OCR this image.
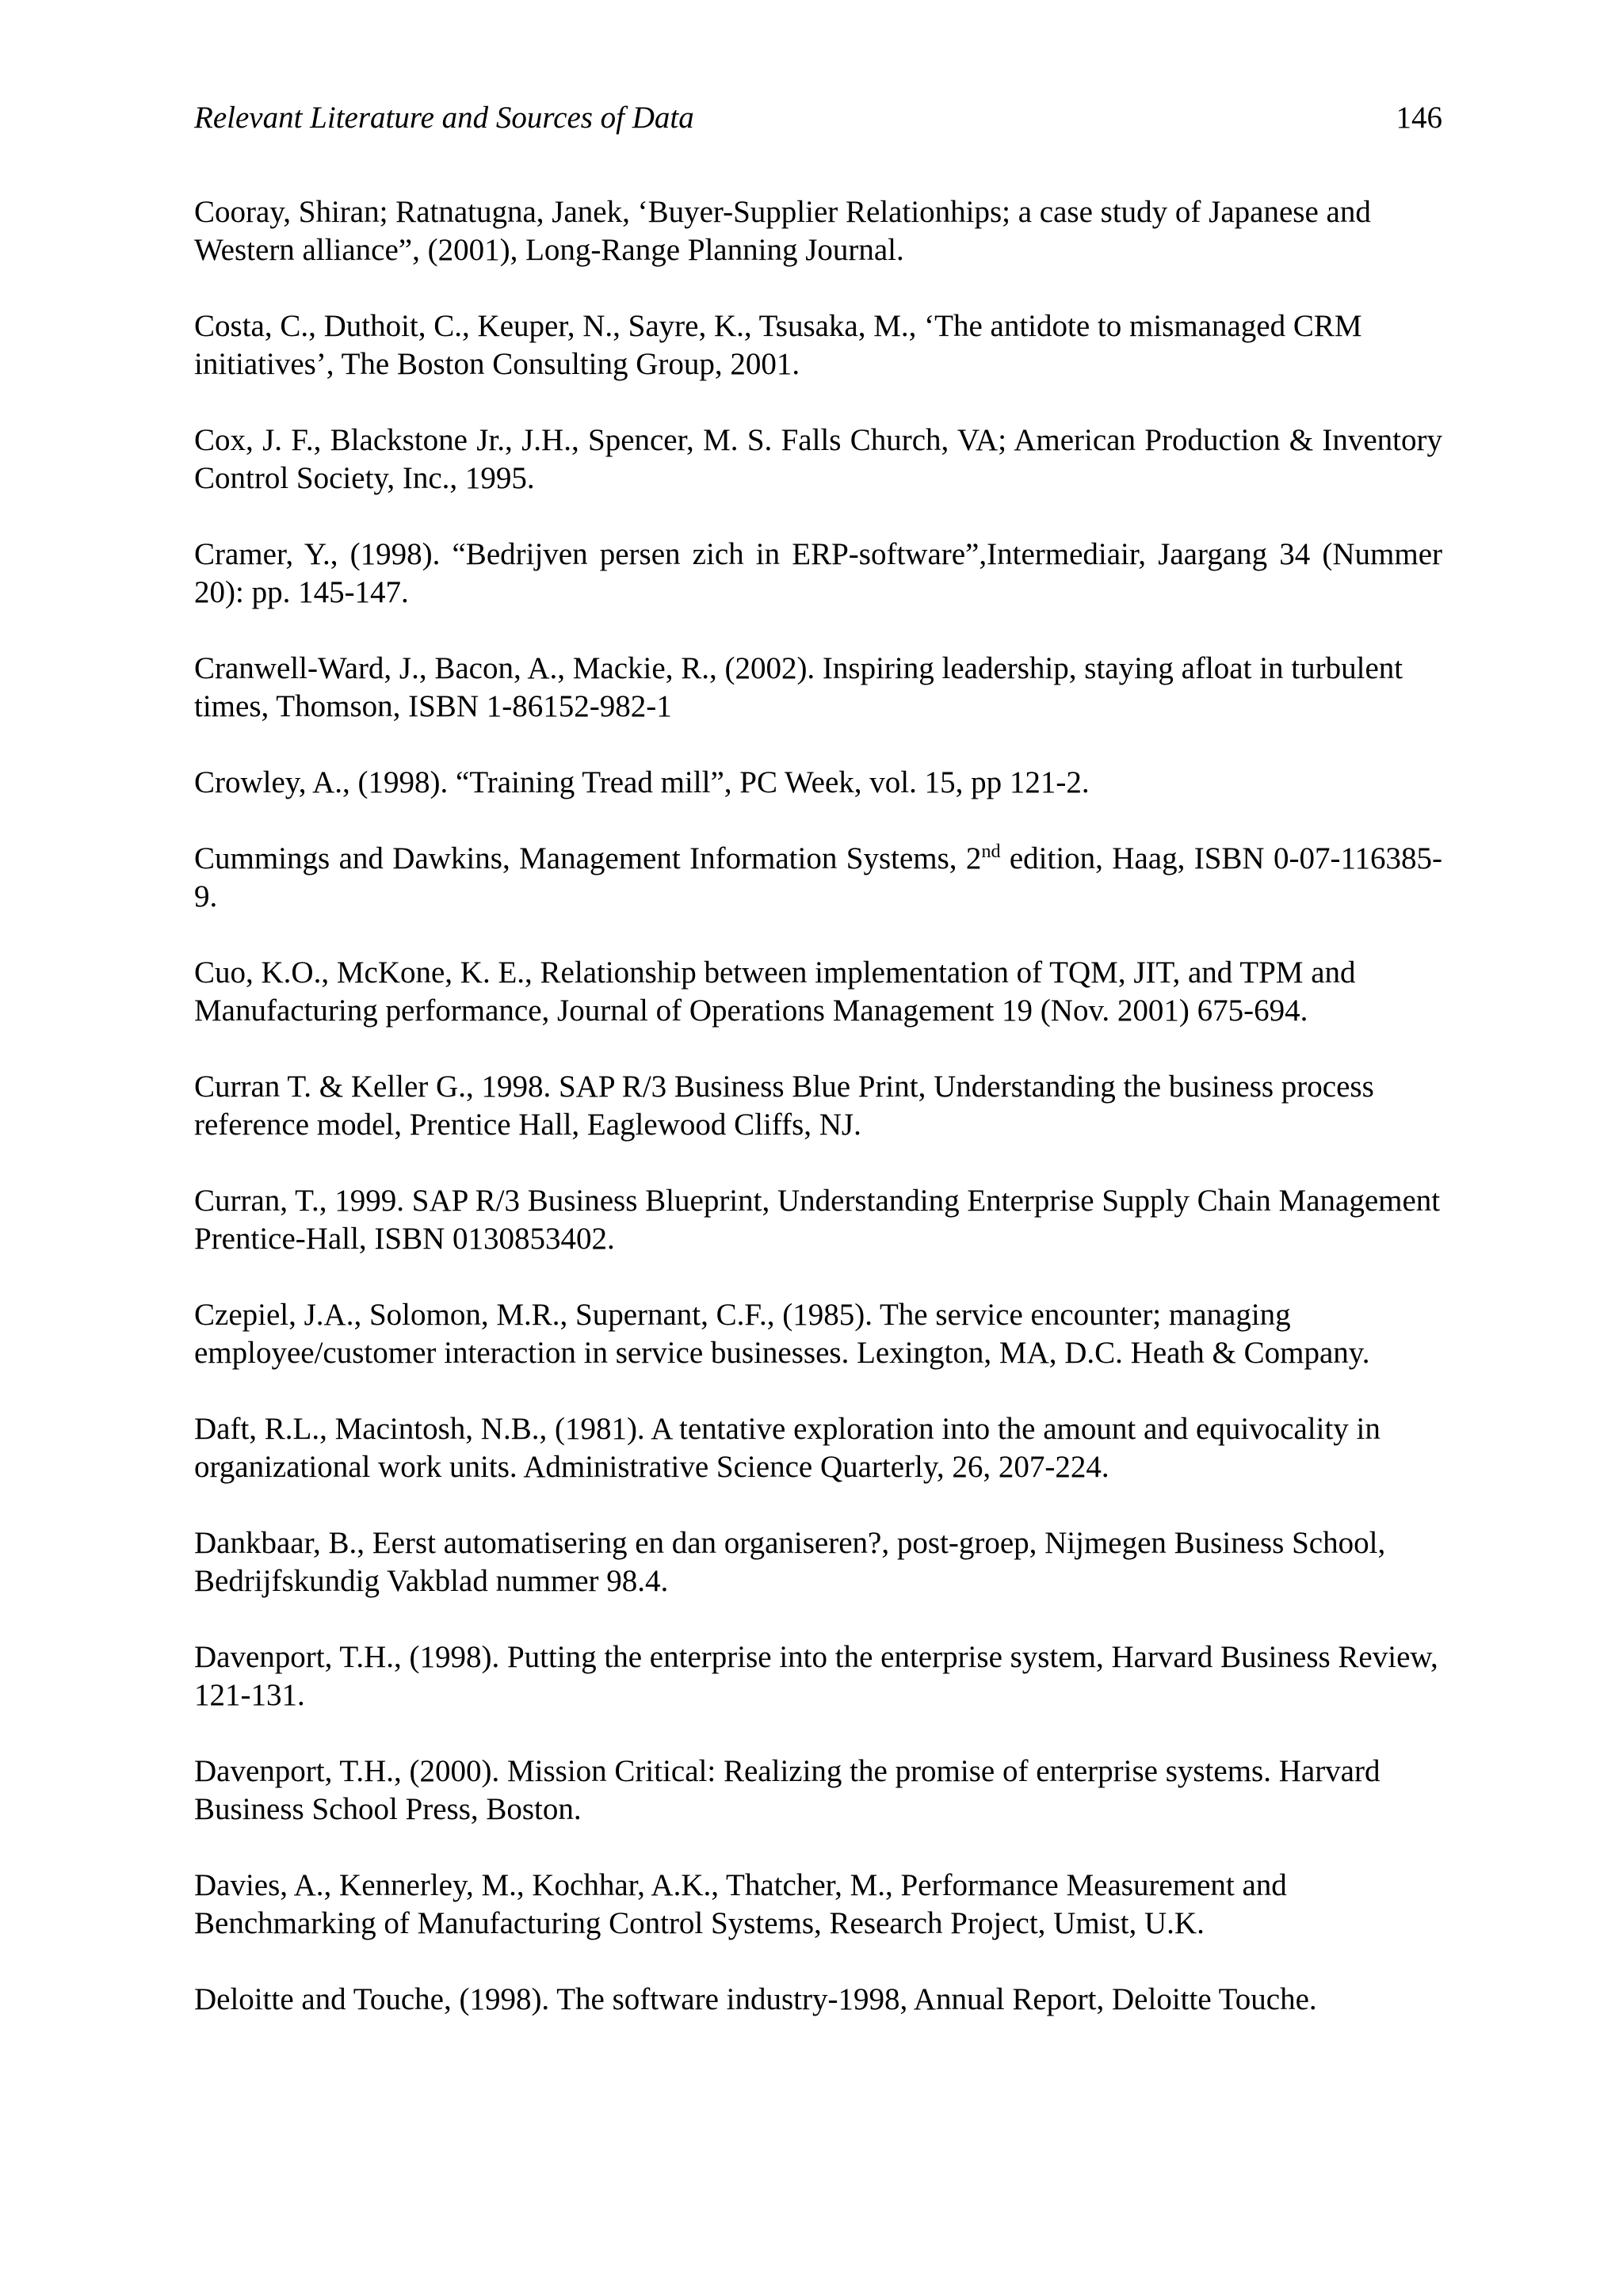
Relevant Literature and Sources of Data	146

Cooray, Shiran; Ratnatugna, Janek, ‘Buyer-Supplier Relationhips; a case study of Japanese and Western alliance”, (2001), Long-Range Planning Journal.

Costa, C., Duthoit, C., Keuper, N., Sayre, K., Tsusaka, M., ‘The antidote to mismanaged CRM initiatives’, The Boston Consulting Group, 2001.

Cox, J. F., Blackstone Jr., J.H., Spencer, M. S. Falls Church, VA; American Production & Inventory Control Society, Inc., 1995.

Cramer, Y., (1998). “Bedrijven persen zich in ERP-software”,Intermediair, Jaargang 34 (Nummer 20): pp. 145-147.

Cranwell-Ward, J., Bacon, A., Mackie, R., (2002). Inspiring leadership, staying afloat in turbulent times, Thomson, ISBN 1-86152-982-1

Crowley, A., (1998). “Training Tread mill”, PC Week, vol. 15, pp 121-2.

Cummings and Dawkins, Management Information Systems, 2nd edition, Haag, ISBN 0-07-116385-9.

Cuo, K.O., McKone, K. E., Relationship between implementation of TQM, JIT, and TPM and Manufacturing performance, Journal of Operations Management 19 (Nov. 2001) 675-694.

Curran T. & Keller G., 1998. SAP R/3 Business Blue Print, Understanding the business process reference model, Prentice Hall, Eaglewood Cliffs, NJ.

Curran, T., 1999. SAP R/3 Business Blueprint, Understanding Enterprise Supply Chain Management Prentice-Hall, ISBN 0130853402.

Czepiel, J.A., Solomon, M.R., Supernant, C.F., (1985). The service encounter; managing employee/customer interaction in service businesses. Lexington, MA, D.C. Heath & Company.

Daft, R.L., Macintosh, N.B., (1981). A tentative exploration into the amount and equivocality in organizational work units. Administrative Science Quarterly, 26, 207-224.

Dankbaar, B., Eerst automatisering en dan organiseren?, post-groep, Nijmegen Business School, Bedrijfskundig Vakblad nummer 98.4.

Davenport, T.H., (1998). Putting the enterprise into the enterprise system, Harvard Business Review, 121-131.

Davenport, T.H., (2000). Mission Critical: Realizing the promise of enterprise systems. Harvard Business School Press, Boston.

Davies, A., Kennerley, M., Kochhar, A.K., Thatcher, M., Performance Measurement and Benchmarking of Manufacturing Control Systems, Research Project, Umist, U.K.

Deloitte and Touche, (1998). The software industry-1998, Annual Report, Deloitte Touche.
